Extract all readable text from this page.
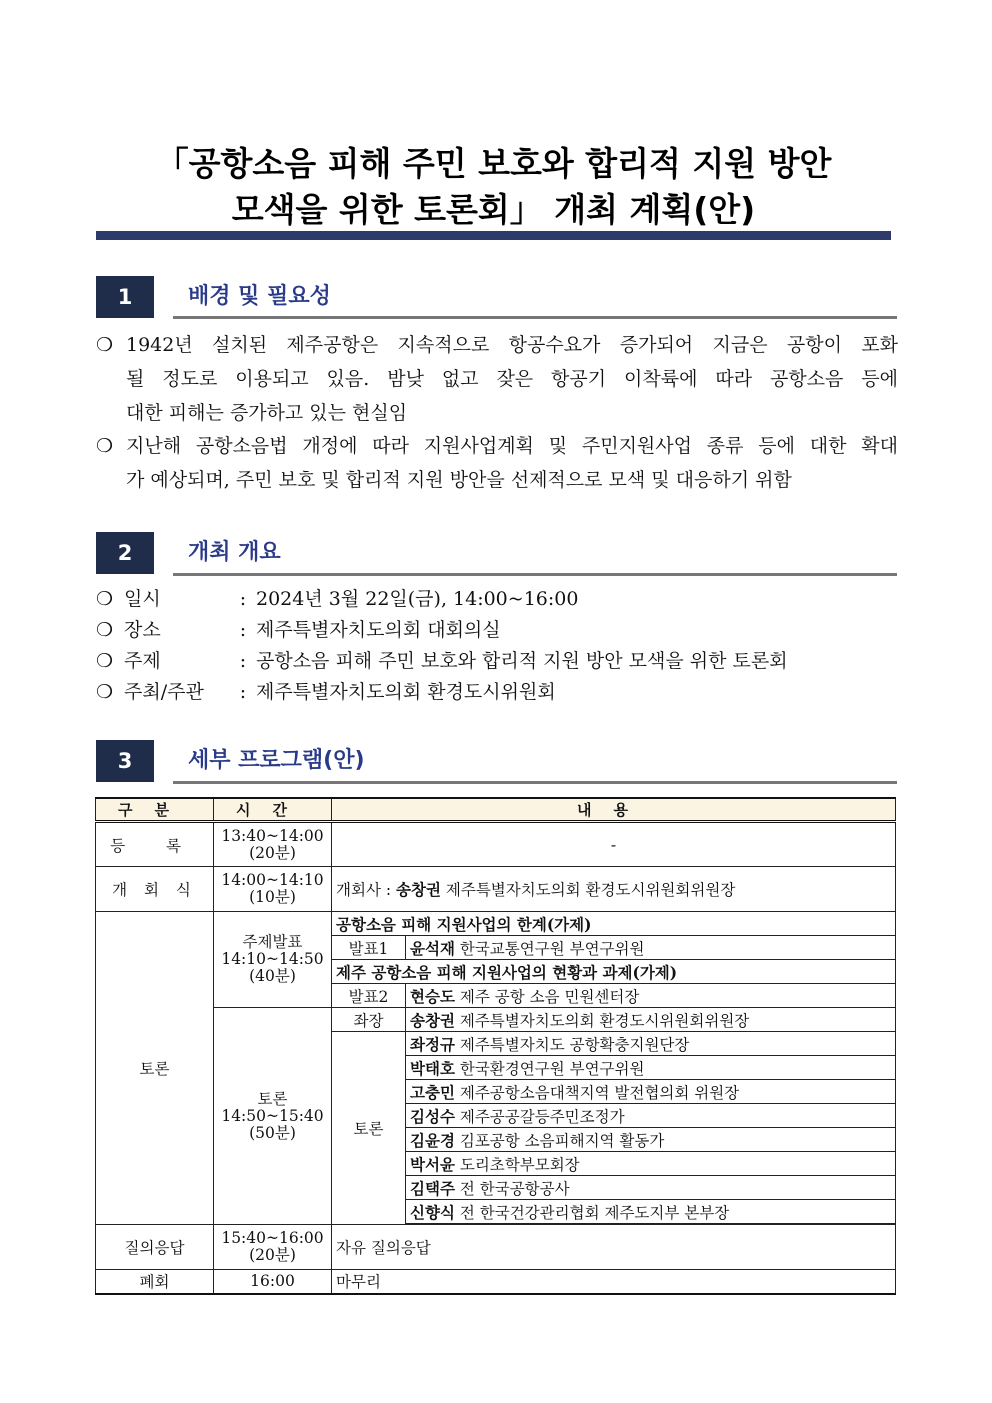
「공항소음 피해 주민 보호와 합리적 지원 방안
모색을 위한 토론회」 개최 계획(안)
1	배경 및 필요성
❍ 1942년 설치된 제주공항은 지속적으로 항공수요가 증가되어 지금은 공항이 포화
될 정도로 이용되고 있음. 밤낮 없고 잦은 항공기 이착륙에 따라 공항소음 등에
대한 피해는 증가하고 있는 현실임
❍ 지난해 공항소음법 개정에 따라 지원사업계획 및 주민지원사업 종류 등에 대한 확대
가 예상되며, 주민 보호 및 합리적 지원 방안을 선제적으로 모색 및 대응하기 위함
2	개최 개요
❍ 일시	: 2024년 3월 22일(금), 14:00~16:00
❍ 장소	: 제주특별자치도의회 대회의실
❍ 주제	: 공항소음 피해 주민 보호와 합리적 지원 방안 모색을 위한 토론회
❍ 주최/주관 : 제주특별자치도의회 환경도시위원회
3	세부 프로그램(안)
구분	시간	내용	
등 록	13:40~14:00
(20분)	-	
개 회 식	14:00~14:10
(10분)	개회사 : 송창권 제주특별자치도의회 환경도시위원회위원장	
토론	주제발표
14:10~14:50
(40분)	공항소음 피해 지원사업의 한계(가제)	
		발표1	윤석재 한국교통연구원 부연구위원
		제주 공항소음 피해 지원사업의 현황과 과제(가제)	
		발표2	현승도 제주 공항 소음 민원센터장
	토론
14:50~15:40
(50분)	좌장	송창권 제주특별자치도의회 환경도시위원회위원장
		토론	좌정규 제주특별자치도 공항확충지원단장
			박태호 한국환경연구원 부연구위원
			고충민 제주공항소음대책지역 발전협의회 위원장
			김성수 제주공공갈등주민조정가
			김윤경 김포공항 소음피해지역 활동가
			박서윤 도리초학부모회장
			김택주 전 한국공항공사
			신향식 전 한국건강관리협회 제주도지부 본부장

질의응답	15:40~16:00
(20분)	자유 질의응답	
폐회	16:00	마무리	
